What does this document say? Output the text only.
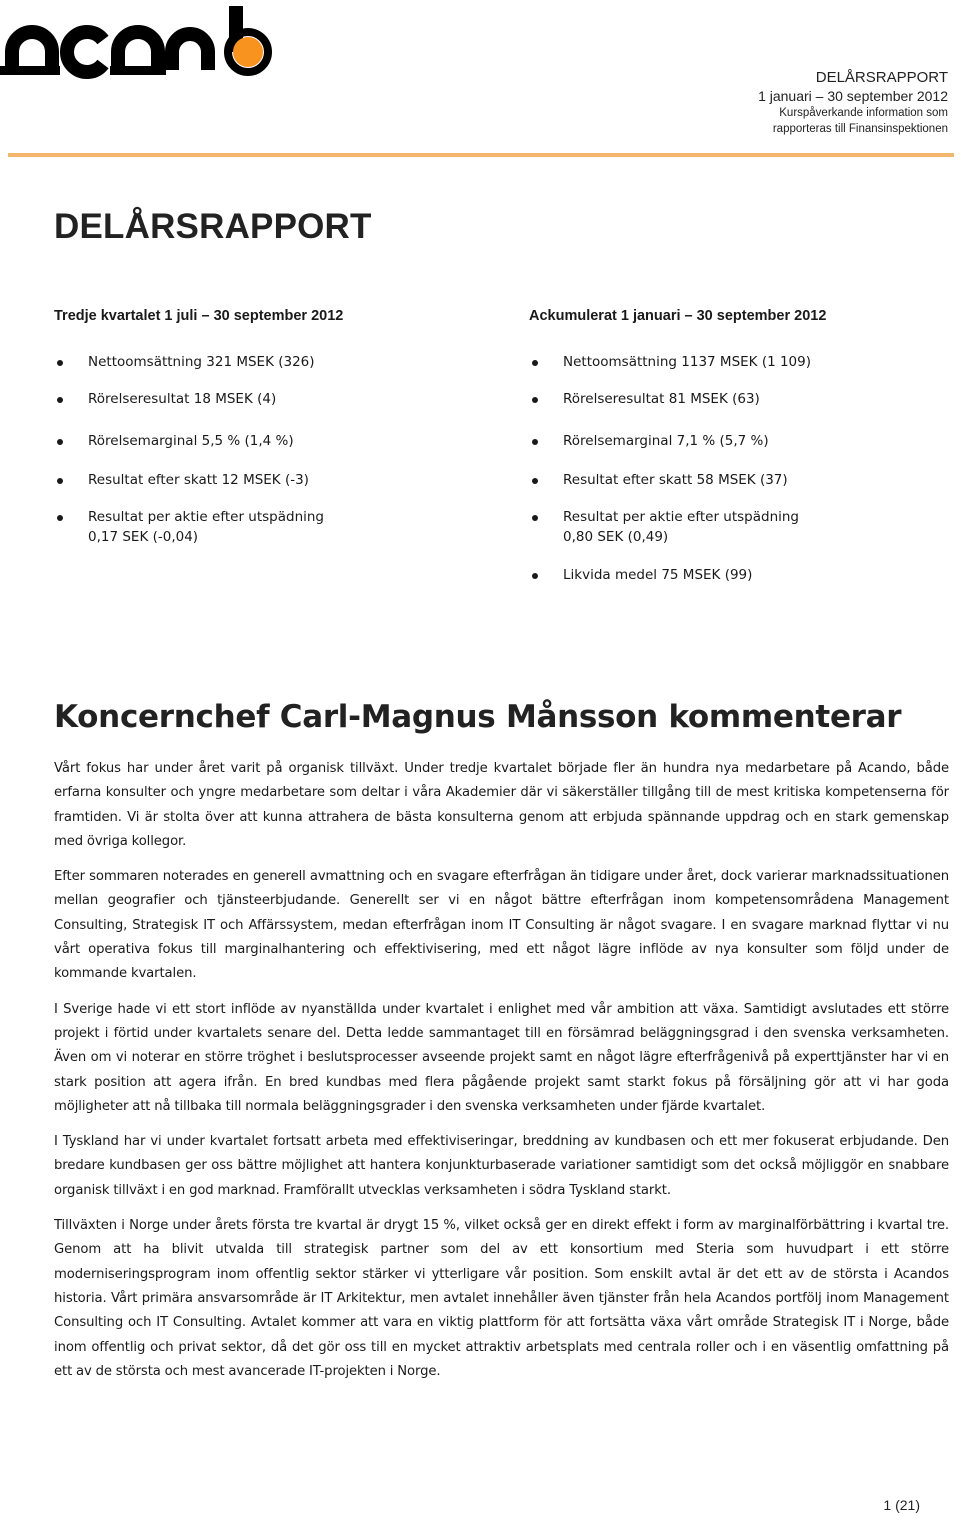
DELÅRSRAPPORT
1 januari – 30 september 2012
Kurspåverkande information som
rapporteras till Finansinspektionen
DELÅRSRAPPORT
Tredje kvartalet 1 juli – 30 september 2012
Nettoomsättning 321 MSEK (326)
Rörelseresultat 18 MSEK (4)
Rörelsemarginal 5,5 % (1,4 %)
Resultat efter skatt 12 MSEK (-3)
Resultat per aktie efter utspädning
0,17 SEK (-0,04)
Ackumulerat 1 januari – 30 september 2012
Nettoomsättning 1137 MSEK (1 109)
Rörelseresultat 81 MSEK (63)
Rörelsemarginal 7,1 % (5,7 %)
Resultat efter skatt 58 MSEK (37)
Resultat per aktie efter utspädning
0,80 SEK (0,49)
Likvida medel 75 MSEK (99)
Koncernchef Carl-Magnus Månsson kommenterar

Vårt fokus har under året varit på organisk tillväxt. Under tredje kvartalet började fler än hundra nya medarbetare på Acando, både erfarna konsulter och yngre medarbetare som deltar i våra Akademier där vi säkerställer tillgång till de mest kritiska kompetenserna för framtiden. Vi är stolta över att kunna attrahera de bästa konsulterna genom att erbjuda spännande uppdrag och en stark gemenskap med övriga kollegor.

Efter sommaren noterades en generell avmattning och en svagare efterfrågan än tidigare under året, dock varierar marknadssituationen mellan geografier och tjänsteerbjudande. Generellt ser vi en något bättre efterfrågan inom kompetensområdena Management Consulting, Strategisk IT och Affärssystem, medan efterfrågan inom IT Consulting är något svagare. I en svagare marknad flyttar vi nu vårt operativa fokus till marginalhantering och effektivisering, med ett något lägre inflöde av nya konsulter som följd under de kommande kvartalen.

I Sverige hade vi ett stort inflöde av nyanställda under kvartalet i enlighet med vår ambition att växa. Samtidigt avslutades ett större projekt i förtid under kvartalets senare del. Detta ledde sammantaget till en försämrad beläggningsgrad i den svenska verksamheten. Även om vi noterar en större tröghet i beslutsprocesser avseende projekt samt en något lägre efterfrågenivå på experttjänster har vi en stark position att agera ifrån. En bred kundbas med flera pågående projekt samt starkt fokus på försäljning gör att vi har goda möjligheter att nå tillbaka till normala beläggningsgrader i den svenska verksamheten under fjärde kvartalet.

I Tyskland har vi under kvartalet fortsatt arbeta med effektiviseringar, breddning av kundbasen och ett mer fokuserat erbjudande. Den bredare kundbasen ger oss bättre möjlighet att hantera konjunkturbaserade variationer samtidigt som det också möjliggör en snabbare organisk tillväxt i en god marknad. Framförallt utvecklas verksamheten i södra Tyskland starkt.

Tillväxten i Norge under årets första tre kvartal är drygt 15 %, vilket också ger en direkt effekt i form av marginalförbättring i kvartal tre. Genom att ha blivit utvalda till strategisk partner som del av ett konsortium med Steria som huvudpart i ett större moderniseringsprogram inom offentlig sektor stärker vi ytterligare vår position. Som enskilt avtal är det ett av de största i Acandos historia. Vårt primära ansvarsområde är IT Arkitektur, men avtalet innehåller även tjänster från hela Acandos portfölj inom Management Consulting och IT Consulting. Avtalet kommer att vara en viktig plattform för att fortsätta växa vårt område Strategisk IT i Norge, både inom offentlig och privat sektor, då det gör oss till en mycket attraktiv arbetsplats med centrala roller och i en väsentlig omfattning på ett av de största och mest avancerade IT-projekten i Norge.

1 (21)
